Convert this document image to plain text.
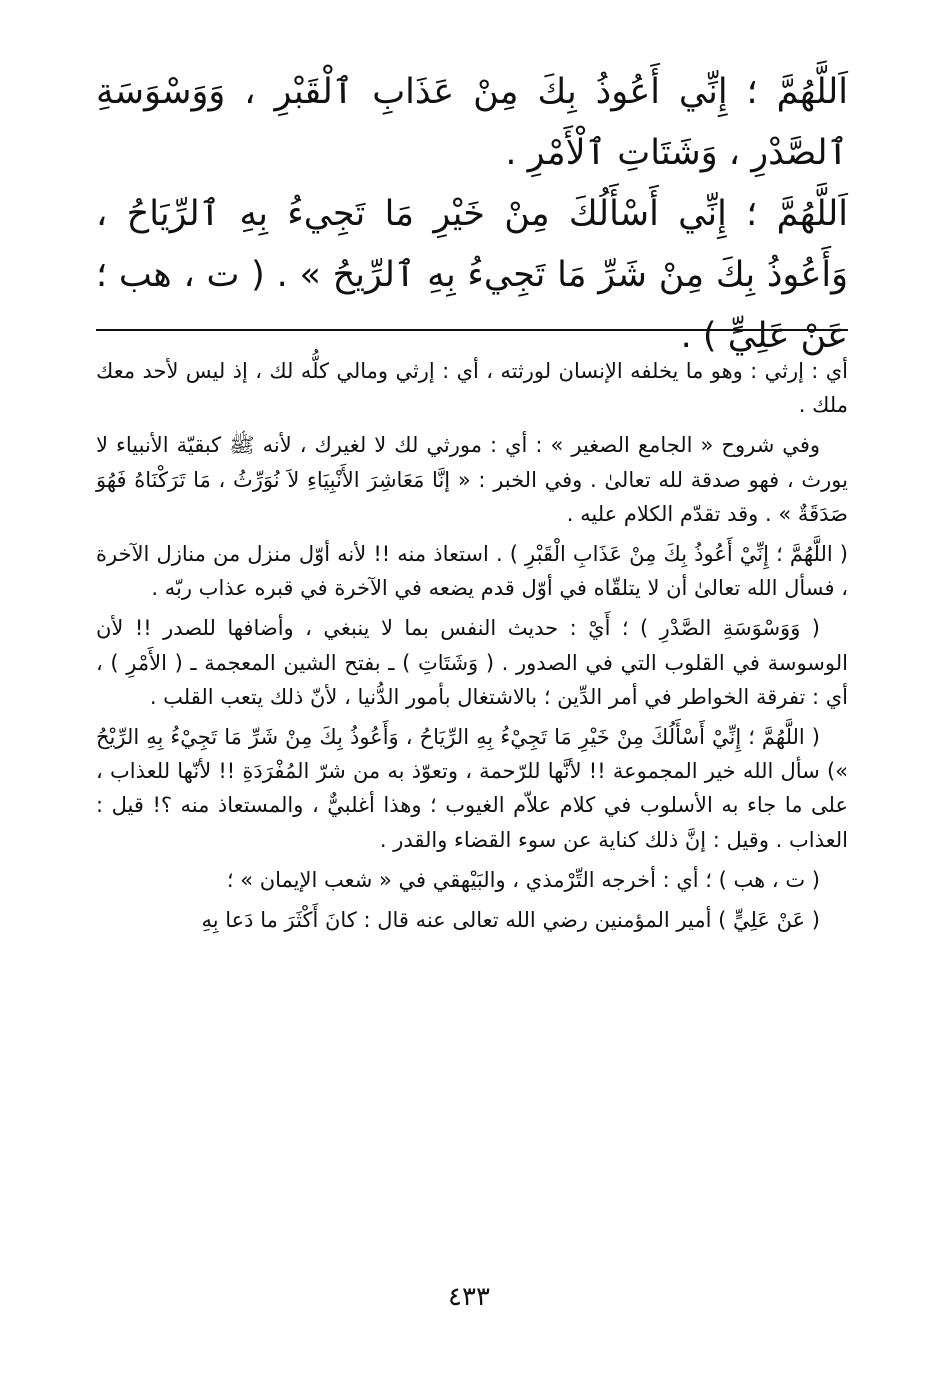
اَللَّهُمَّ ؛ إِنِّي أَعُوذُ بِكَ مِنْ عَذَابِ ٱلْقَبْرِ ، وَوَسْوَسَةِ ٱلصَّدْرِ ، وَشَتَاتِ ٱلْأَمْرِ .

اَللَّهُمَّ ؛ إِنِّي أَسْأَلُكَ مِنْ خَيْرِ مَا تَجِيءُ بِهِ ٱلرِّيَاحُ ، وَأَعُوذُ بِكَ مِنْ شَرِّ مَا تَجِيءُ بِهِ ٱلرِّيحُ » . ( ت ، هب ؛ عَنْ عَلِيٍّ ) .

أي : إرثي : وهو ما يخلفه الإنسان لورثته ، أي : إرثي ومالي كلُّه لك ، إذ ليس لأحد معك ملك .

وفي شروح « الجامع الصغير » : أي : مورثي لك لا لغيرك ، لأنه ﷺ كبقيّة الأنبياء لا يورث ، فهو صدقة لله تعالىٰ . وفي الخبر : « إنَّا مَعَاشِرَ الأَنْبِيَاءِ لاَ نُوَرِّثُ ، مَا تَرَكْنَاهُ فَهُوَ صَدَقَةٌ » . وقد تقدّم الكلام عليه .

( اللَّهُمَّ ؛ إِنِّيْ أَعُوذُ بِكَ مِنْ عَذَابِ الْقَبْرِ ) . استعاذ منه !! لأنه أوّل منزل من منازل الآخرة ، فسأل الله تعالىٰ أن لا يتلقّاه في أوّل قدم يضعه في الآخرة في قبره عذاب ربّه .

( وَوَسْوَسَةِ الصَّدْرِ ) ؛ أَيْ : حديث النفس بما لا ينبغي ، وأضافها للصدر !! لأن الوسوسة في القلوب التي في الصدور . ( وَشَتَاتِ ) ـ بفتح الشين المعجمة ـ ( الأَمْرِ ) ، أي : تفرقة الخواطر في أمر الدِّين ؛ بالاشتغال بأمور الدُّنيا ، لأنّ ذلك يتعب القلب .

( اللَّهُمَّ ؛ إِنِّيْ أَسْأَلُكَ مِنْ خَيْرِ مَا تَجِيْءُ بِهِ الرِّيَاحُ ، وَأَعُوذُ بِكَ مِنْ شَرِّ مَا تَجِيْءُ بِهِ الرِّيْحُ ») سأل الله خير المجموعة !! لأنَّها للرّحمة ، وتعوّذ به من شرّ المُفْرَدَةِ !! لأنّها للعذاب ، على ما جاء به الأسلوب في كلام علاّم الغيوب ؛ وهذا أغلبيٌّ ، والمستعاذ منه ؟! قيل : العذاب . وقيل : إنَّ ذلك كناية عن سوء القضاء والقدر .

( ت ، هب ) ؛ أي : أخرجه التِّرْمذي ، والبَيْهقي في « شعب الإيمان » ؛

( عَنْ عَلِيٍّ ) أمير المؤمنين رضي الله تعالى عنه قال : كانَ أَكْثَرَ ما دَعا بِهِ

٤٣٣
